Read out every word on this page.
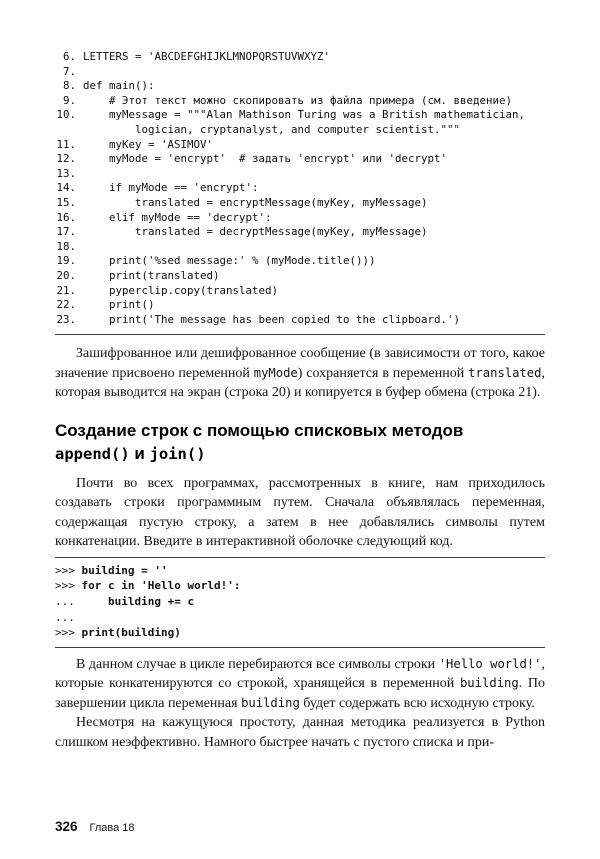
6. LETTERS = 'ABCDEFGHIJKLMNOPQRSTUVWXYZ'
7.
8. def main():
9.    # Этот текст можно скопировать из файла примера (см. введение)
10.    myMessage = """Alan Mathison Turing was a British mathematician,
logician, cryptanalyst, and computer scientist."""
11.    myKey = 'ASIMOV'
12.    myMode = 'encrypt'  # задать 'encrypt' или 'decrypt'
13.
14.    if myMode == 'encrypt':
15.        translated = encryptMessage(myKey, myMessage)
16.    elif myMode == 'decrypt':
17.        translated = decryptMessage(myKey, myMessage)
18.
19.    print('%sed message:' % (myMode.title()))
20.    print(translated)
21.    pyperclip.copy(translated)
22.    print()
23.    print('The message has been copied to the clipboard.')

Зашифрованное или дешифрованное сообщение (в зависимости от того, какое значение присвоено переменной myMode) сохраняется в переменной translated, которая выводится на экран (строка 20) и копируется в буфер обмена (строка 21).

Создание строк с помощью списковых методов
append() и join()

Почти во всех программах, рассмотренных в книге, нам приходилось создавать строки программным путем. Сначала объявлялась переменная, содержащая пустую строку, а затем в нее добавлялись символы путем конкатенации. Введите в интерактивной оболочке следующий код.

>>> building = ''
>>> for c in 'Hello world!':
...     building += c
...
>>> print(building)

В данном случае в цикле перебираются все символы строки 'Hello world!', которые конкатенируются со строкой, хранящейся в переменной building. По завершении цикла переменная building будет содержать всю исходную строку.

Несмотря на кажущуюся простоту, данная методика реализуется в Python слишком неэффективно. Намного быстрее начать с пустого списка и при-

326 Глава 18
